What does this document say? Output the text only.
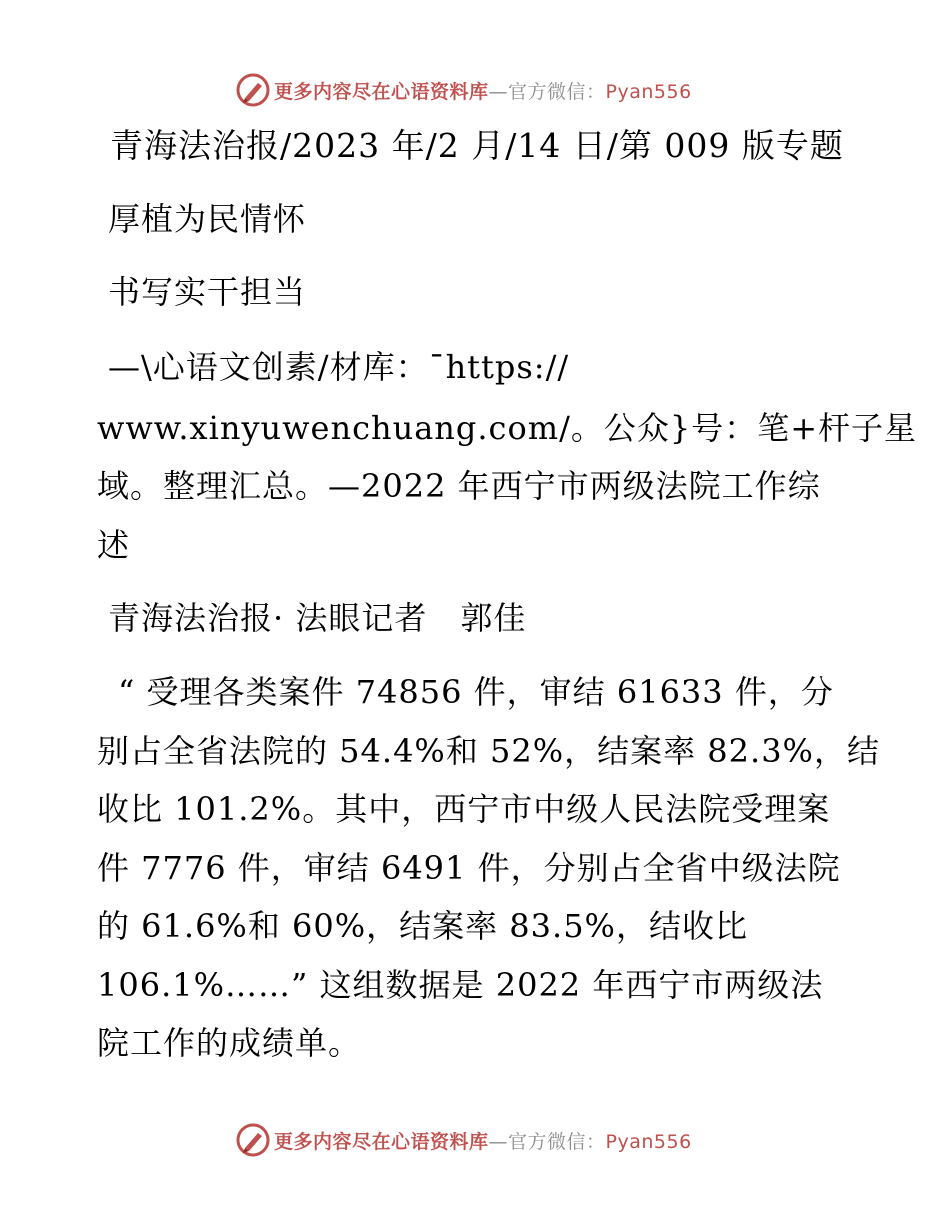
更多内容尽在心语资料库—官方微信：Pyan556
青海法治报/2023 年/2 月/14 日/第 009 版专题
厚植为民情怀
书写实干担当
—\心语文创素/材库：¯https://
www.xinyuwenchuang.com/。公众}号：笔+杆子星
域。整理汇总。—2022 年西宁市两级法院工作综
述
青海法治报· 法眼记者　郭佳
“ 受理各类案件 74856 件，审结 61633 件，分
别占全省法院的 54.4%和 52%，结案率 82.3%，结
收比 101.2%。其中，西宁市中级人民法院受理案
件 7776 件，审结 6491 件，分别占全省中级法院
的 61.6%和 60%，结案率 83.5%，结收比
106.1%……” 这组数据是 2022 年西宁市两级法
院工作的成绩单。
更多内容尽在心语资料库—官方微信：Pyan556
